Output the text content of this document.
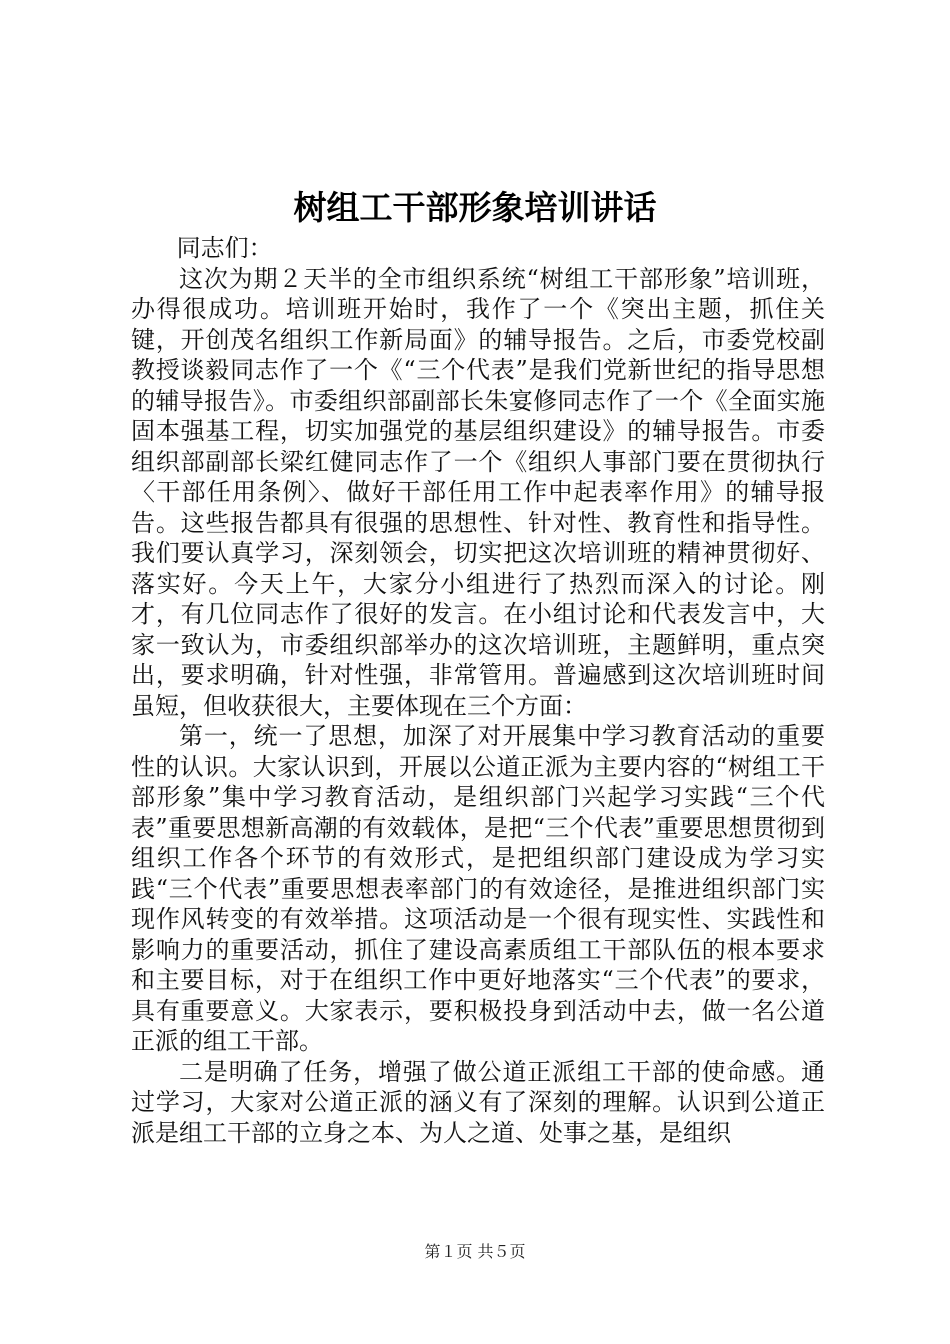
树组工干部形象培训讲话

同志们：

这次为期２天半的全市组织系统“树组工干部形象”培训班，办得很成功。培训班开始时，我作了一个《突出主题，抓住关键，开创茂名组织工作新局面》的辅导报告。之后，市委党校副教授谈毅同志作了一个《“三个代表”是我们党新世纪的指导思想的辅导报告》。市委组织部副部长朱宴修同志作了一个《全面实施固本强基工程，切实加强党的基层组织建设》的辅导报告。市委组织部副部长梁红健同志作了一个《组织人事部门要在贯彻执行〈干部任用条例〉、做好干部任用工作中起表率作用》的辅导报告。这些报告都具有很强的思想性、针对性、教育性和指导性。我们要认真学习，深刻领会，切实把这次培训班的精神贯彻好、落实好。今天上午，大家分小组进行了热烈而深入的讨论。刚才，有几位同志作了很好的发言。在小组讨论和代表发言中，大家一致认为，市委组织部举办的这次培训班，主题鲜明，重点突出，要求明确，针对性强，非常管用。普遍感到这次培训班时间虽短，但收获很大，主要体现在三个方面：

第一，统一了思想，加深了对开展集中学习教育活动的重要性的认识。大家认识到，开展以公道正派为主要内容的“树组工干部形象”集中学习教育活动，是组织部门兴起学习实践“三个代表”重要思想新高潮的有效载体，是把“三个代表”重要思想贯彻到组织工作各个环节的有效形式，是把组织部门建设成为学习实践“三个代表”重要思想表率部门的有效途径，是推进组织部门实现作风转变的有效举措。这项活动是一个很有现实性、实践性和影响力的重要活动，抓住了建设高素质组工干部队伍的根本要求和主要目标，对于在组织工作中更好地落实“三个代表”的要求，具有重要意义。大家表示，要积极投身到活动中去，做一名公道正派的组工干部。

二是明确了任务，增强了做公道正派组工干部的使命感。通过学习，大家对公道正派的涵义有了深刻的理解。认识到公道正派是组工干部的立身之本、为人之道、处事之基，是组织

第１页 共５页
